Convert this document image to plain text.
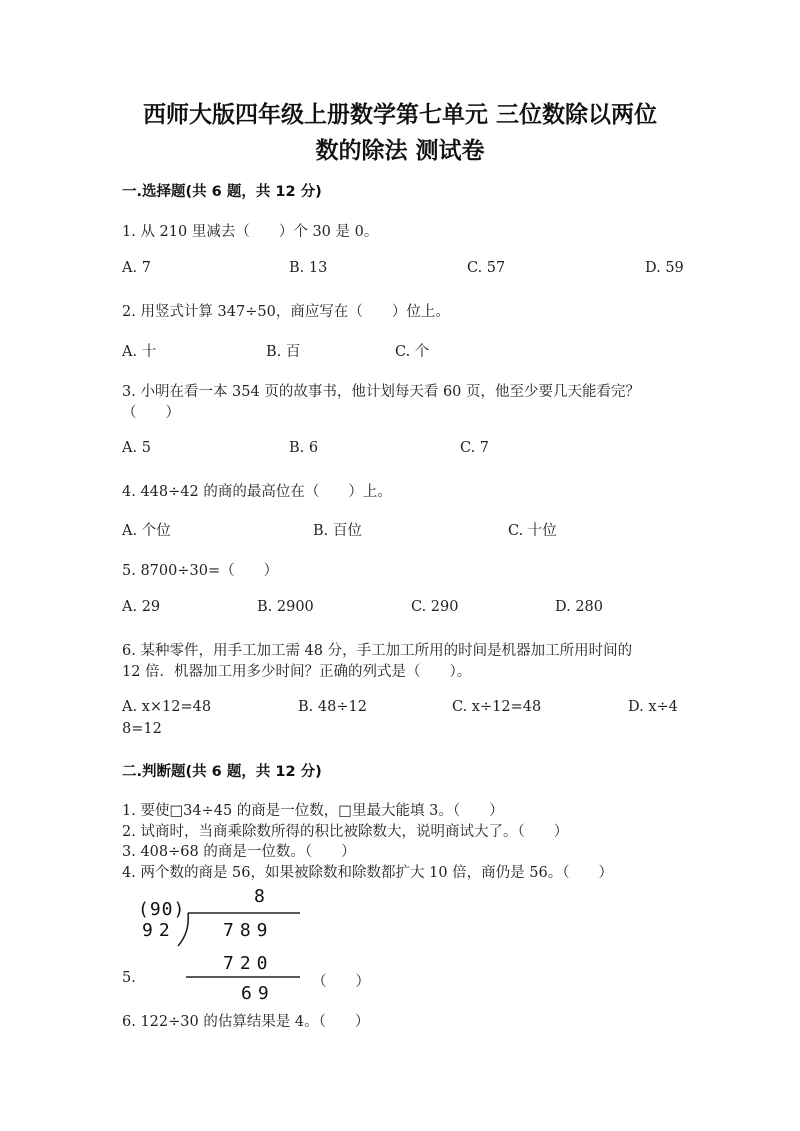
西师大版四年级上册数学第七单元 三位数除以两位
数的除法 测试卷
一.选择题(共 6 题，共 12 分)
1. 从 210 里减去（　　）个 30 是 0。
A. 7	B. 13	C. 57	D. 59
2. 用竖式计算 347÷50，商应写在（　　）位上。
A. 十	B. 百	C. 个
3. 小明在看一本 354 页的故事书，他计划每天看 60 页，他至少要几天能看完？
（　　）
A. 5	B. 6	C. 7
4. 448÷42 的商的最高位在（　　）上。
A. 个位	B. 百位	C. 十位
5. 8700÷30=（　　）
A. 29	B. 2900	C. 290	D. 280
6. 某种零件，用手工加工需 48 分，手工加工所用的时间是机器加工所用时间的
12 倍．机器加工用多少时间？正确的列式是（　　）。
A. x×12=48	B. 48÷12	C. x÷12=48	D. x÷4
8=12
二.判断题(共 6 题，共 12 分)
1. 要使□34÷45 的商是一位数，□里最大能填 3。（　　）
2. 试商时，当商乘除数所得的积比被除数大，说明商试大了。（　　）
3. 408÷68 的商是一位数。（　　）
4. 两个数的商是 56，如果被除数和除数都扩大 10 倍，商仍是 56。（　　）
8
(90)
92	789
720
69
5.	（　　）
6. 122÷30 的估算结果是 4。（　　）
